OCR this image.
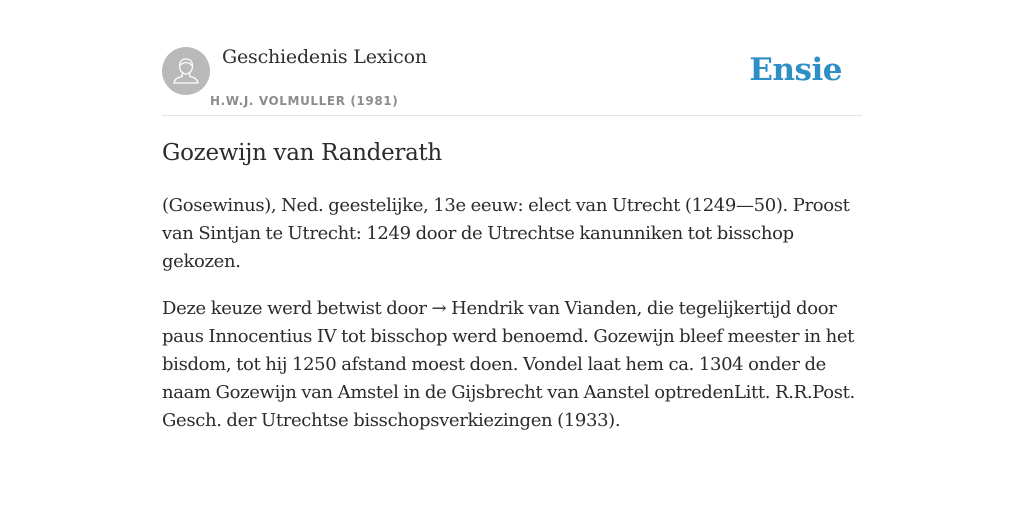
Geschiedenis Lexicon
H.W.J. VOLMULLER (1981)
Ensie
Gozewijn van Randerath

(Gosewinus), Ned. geestelijke, 13e eeuw: elect van Utrecht (1249—50). Proost van Sintjan te Utrecht: 1249 door de Utrechtse kanunniken tot bisschop gekozen.

Deze keuze werd betwist door → Hendrik van Vianden, die tegelijkertijd door paus Innocentius IV tot bisschop werd benoemd. Gozewijn bleef meester in het bisdom, tot hij 1250 afstand moest doen. Vondel laat hem ca. 1304 onder de naam Gozewijn van Amstel in de Gijsbrecht van Aanstel optredenLitt. R.R.Post. Gesch. der Utrechtse bisschopsverkiezingen (1933).
